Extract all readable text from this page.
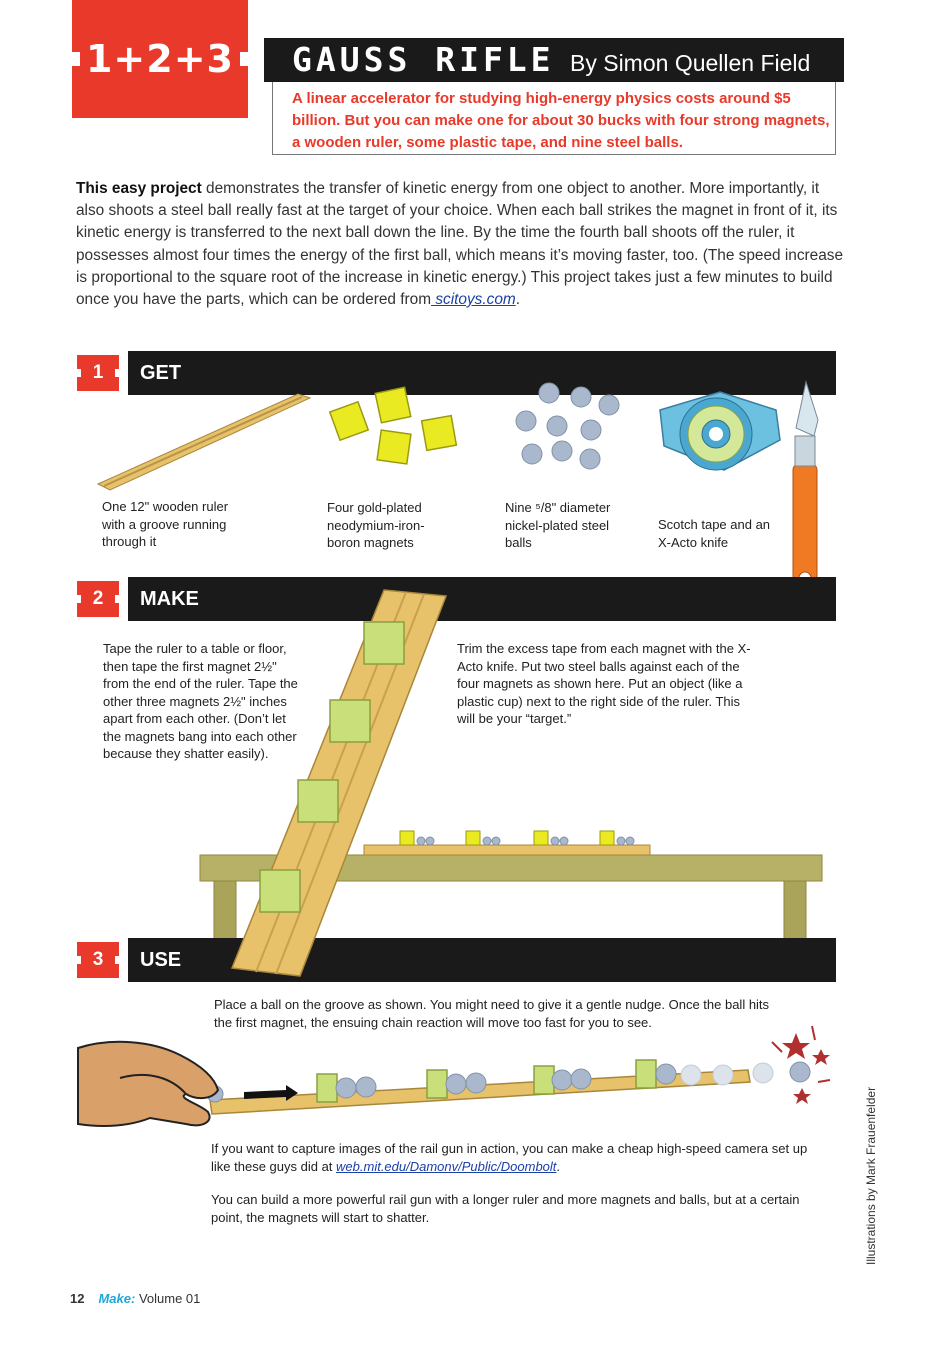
1+2+3	GAUSS RIFLE By Simon Quellen Field
A linear accelerator for studying high-energy physics costs around $5 billion. But you can make one for about 30 bucks with four strong magnets, a wooden ruler, some plastic tape, and nine steel balls.
This easy project demonstrates the transfer of kinetic energy from one object to another. More importantly, it also shoots a steel ball really fast at the target of your choice. When each ball strikes the magnet in front of it, its kinetic energy is transferred to the next ball down the line. By the time the fourth ball shoots off the ruler, it possesses almost four times the energy of the first ball, which means it’s moving faster, too. (The speed increase is proportional to the square root of the increase in kinetic energy.) This project takes just a few minutes to build once you have the parts, which can be ordered from scitoys.com.
1	GET
One 12" wooden ruler with a groove running through it
Four gold-plated neodymium-iron-boron magnets
Nine ⁵/8" diameter nickel-plated steel balls
Scotch tape and an X-Acto knife
2	MAKE
Tape the ruler to a table or floor, then tape the first magnet 2½" from the end of the ruler. Tape the other three magnets 2½" inches apart from each other. (Don’t let the magnets bang into each other because they shatter easily).
Trim the excess tape from each magnet with the X-Acto knife. Put two steel balls against each of the four magnets as shown here. Put an object (like a plastic cup) next to the right side of the ruler. This will be your “target.”
3	USE
Place a ball on the groove as shown. You might need to give it a gentle nudge. Once the ball hits the first magnet, the ensuing chain reaction will move too fast for you to see.
If you want to capture images of the rail gun in action, you can make a cheap high-speed camera set up like these guys did at web.mit.edu/Damonv/Public/Doombolt.
You can build a more powerful rail gun with a longer ruler and more magnets and balls, but at a certain point, the magnets will start to shatter.	Illustrations by Mark Frauenfelder
12 Make: Volume 01
